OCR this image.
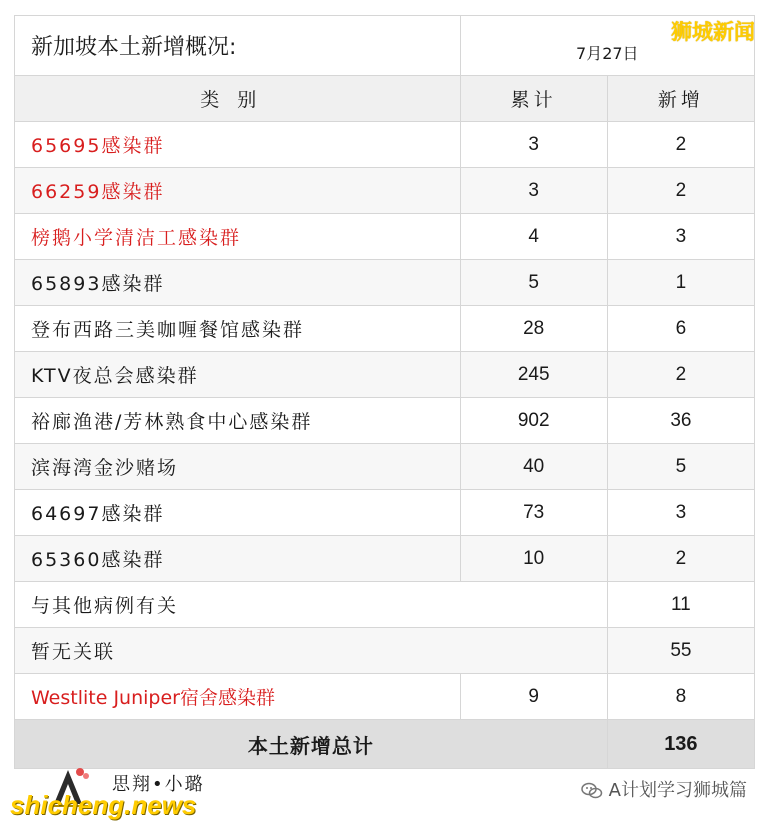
狮城新闻
新加坡本土新增概况:	7月27日	
类别	累计	新增
65695感染群	3	2
66259感染群	3	2
榜鹅小学清洁工感染群	4	3
65893感染群	5	1
登布西路三美咖喱餐馆感染群	28	6
KTV夜总会感染群	245	2
裕廊渔港/芳林熟食中心感染群	902	36
滨海湾金沙赌场	40	5
64697感染群	73	3
65360感染群	10	2
与其他病例有关		11
暂无关联		55
Westlite Juniper宿舍感染群	9	8
本土新增总计		136
思翔•小璐
shicheng.news	A计划学习狮城篇
